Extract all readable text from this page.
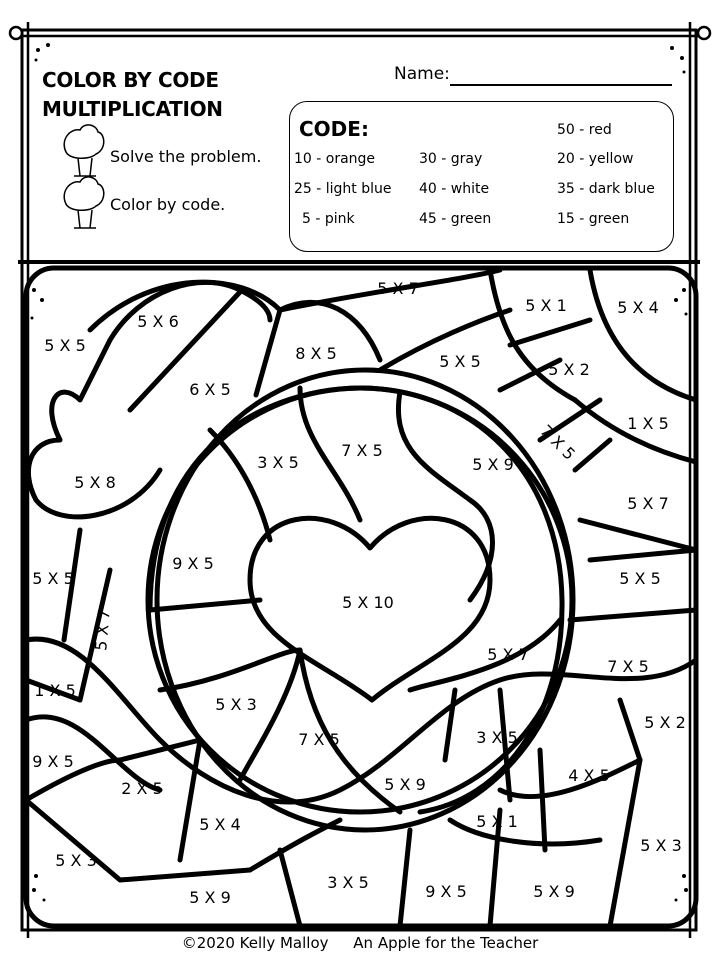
5 X 7
5 X 1	5 X 4
5 X 5
5 X 6
8 X 5	5 X 5	5 X 2
6 X 5
1 X 5
7 X 5
3 X 5	7 X 5
5 X 9
5 X 8
5 X 7
9 X 5
5 X 5	5 X 5
5 X 10
5 X 7
5 X 7
7 X 5
1 X 5
5 X 3
3 X 5
5 X 2
7 X 5
9 X 5
5 X 9
2 X 5
4 X 5
5 X 1
5 X 4
5 X 3
5 X 3
3 X 5	9 X 5	5 X 9
5 X 9
COLOR BY CODE
MULTIPLICATION
Name:
Solve the problem.
Color by code.
CODE:	50 - red
10 - orange	30 - gray	20 - yellow
25 - light blue 40 - white	35 - dark blue
5 - pink	45 - green	15 - green
©2020 Kelly Malloy An Apple for the Teacher
